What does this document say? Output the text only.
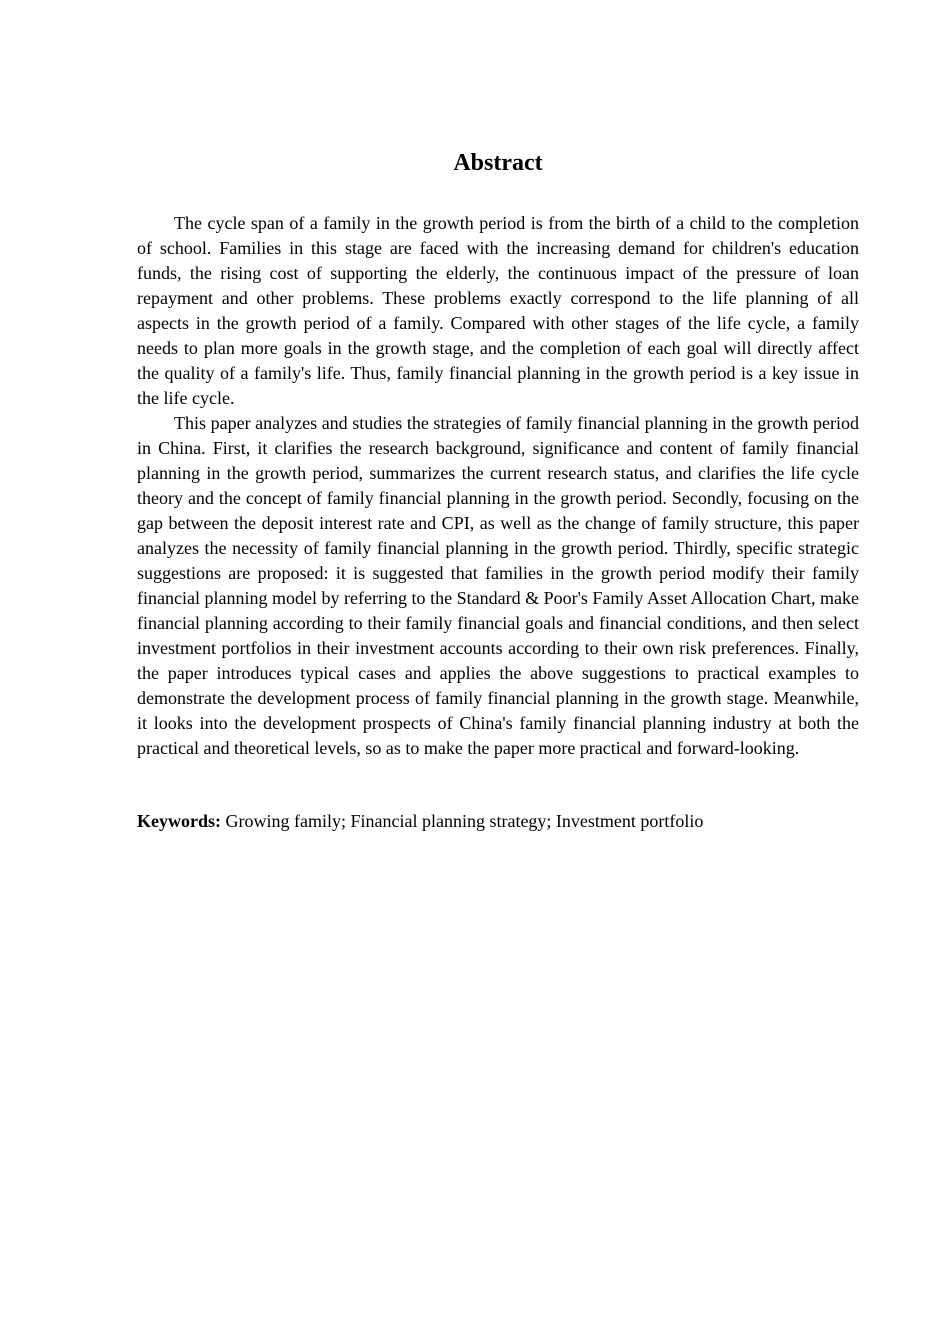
Abstract

The cycle span of a family in the growth period is from the birth of a child to the completion of school. Families in this stage are faced with the increasing demand for children's education funds, the rising cost of supporting the elderly, the continuous impact of the pressure of loan repayment and other problems. These problems exactly correspond to the life planning of all aspects in the growth period of a family. Compared with other stages of the life cycle, a family needs to plan more goals in the growth stage, and the completion of each goal will directly affect the quality of a family's life. Thus, family financial planning in the growth period is a key issue in the life cycle.

This paper analyzes and studies the strategies of family financial planning in the growth period in China. First, it clarifies the research background, significance and content of family financial planning in the growth period, summarizes the current research status, and clarifies the life cycle theory and the concept of family financial planning in the growth period. Secondly, focusing on the gap between the deposit interest rate and CPI, as well as the change of family structure, this paper analyzes the necessity of family financial planning in the growth period. Thirdly, specific strategic suggestions are proposed: it is suggested that families in the growth period modify their family financial planning model by referring to the Standard & Poor's Family Asset Allocation Chart, make financial planning according to their family financial goals and financial conditions, and then select investment portfolios in their investment accounts according to their own risk preferences. Finally, the paper introduces typical cases and applies the above suggestions to practical examples to demonstrate the development process of family financial planning in the growth stage. Meanwhile, it looks into the development prospects of China's family financial planning industry at both the practical and theoretical levels, so as to make the paper more practical and forward-looking.

Keywords: Growing family; Financial planning strategy; Investment portfolio
